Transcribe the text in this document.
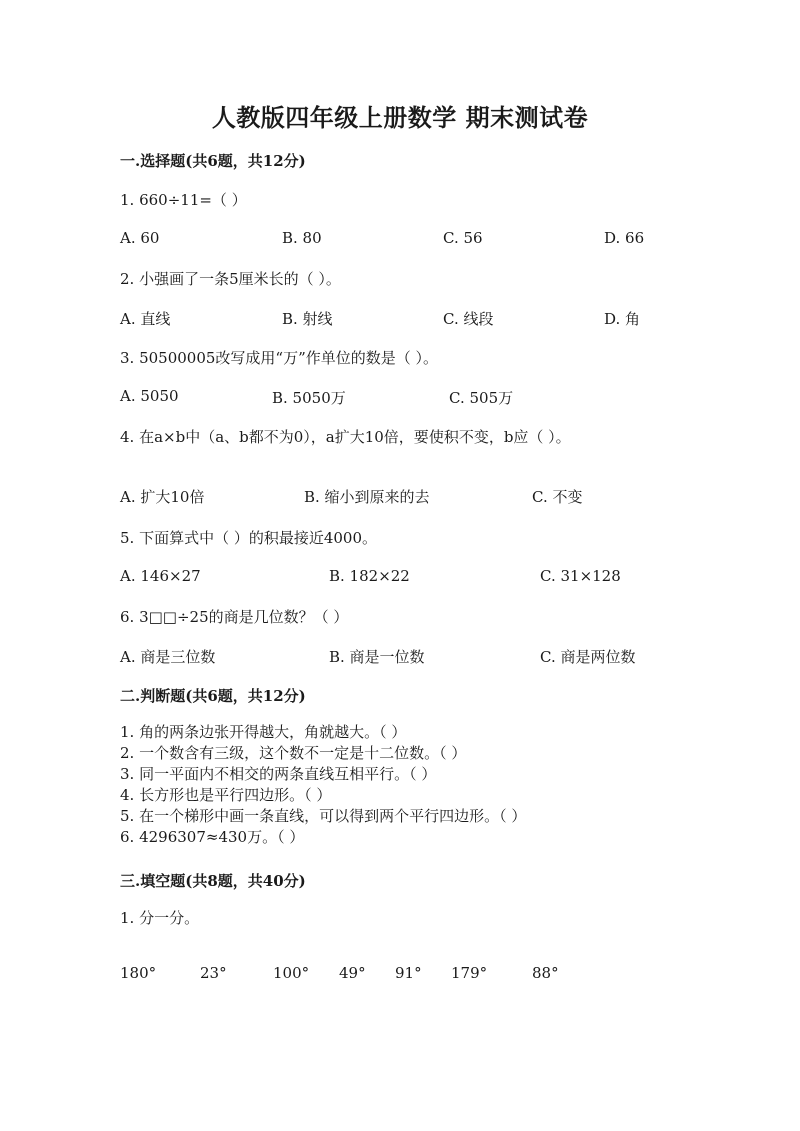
人教版四年级上册数学 期末测试卷
一.选择题(共6题，共12分)
1. 660÷11=（ ）
A. 60	B. 80	C. 56	D. 66
2. 小强画了一条5厘米长的（ ）。
A. 直线	B. 射线	C. 线段	D. 角
3. 50500005改写成用“万”作单位的数是（ ）。
A. 5050	B. 5050万	C. 505万
4. 在a×b中（a、b都不为0），a扩大10倍，要使积不变，b应（ ）。
A. 扩大10倍	B. 缩小到原来的去	C. 不变
5. 下面算式中（ ）的积最接近4000。
A. 146×27	B. 182×22	C. 31×128
6. 3□□÷25的商是几位数？（ ）
A. 商是三位数	B. 商是一位数	C. 商是两位数
二.判断题(共6题，共12分)
1. 角的两条边张开得越大，角就越大。（ ）
2. 一个数含有三级，这个数不一定是十二位数。（ ）
3. 同一平面内不相交的两条直线互相平行。（ ）
4. 长方形也是平行四边形。（ ）
5. 在一个梯形中画一条直线，可以得到两个平行四边形。（ ）
6. 4296307≈430万。（ ）
三.填空题(共8题，共40分)
1. 分一分。
180°	23°	100° 49° 91° 179°	88°
